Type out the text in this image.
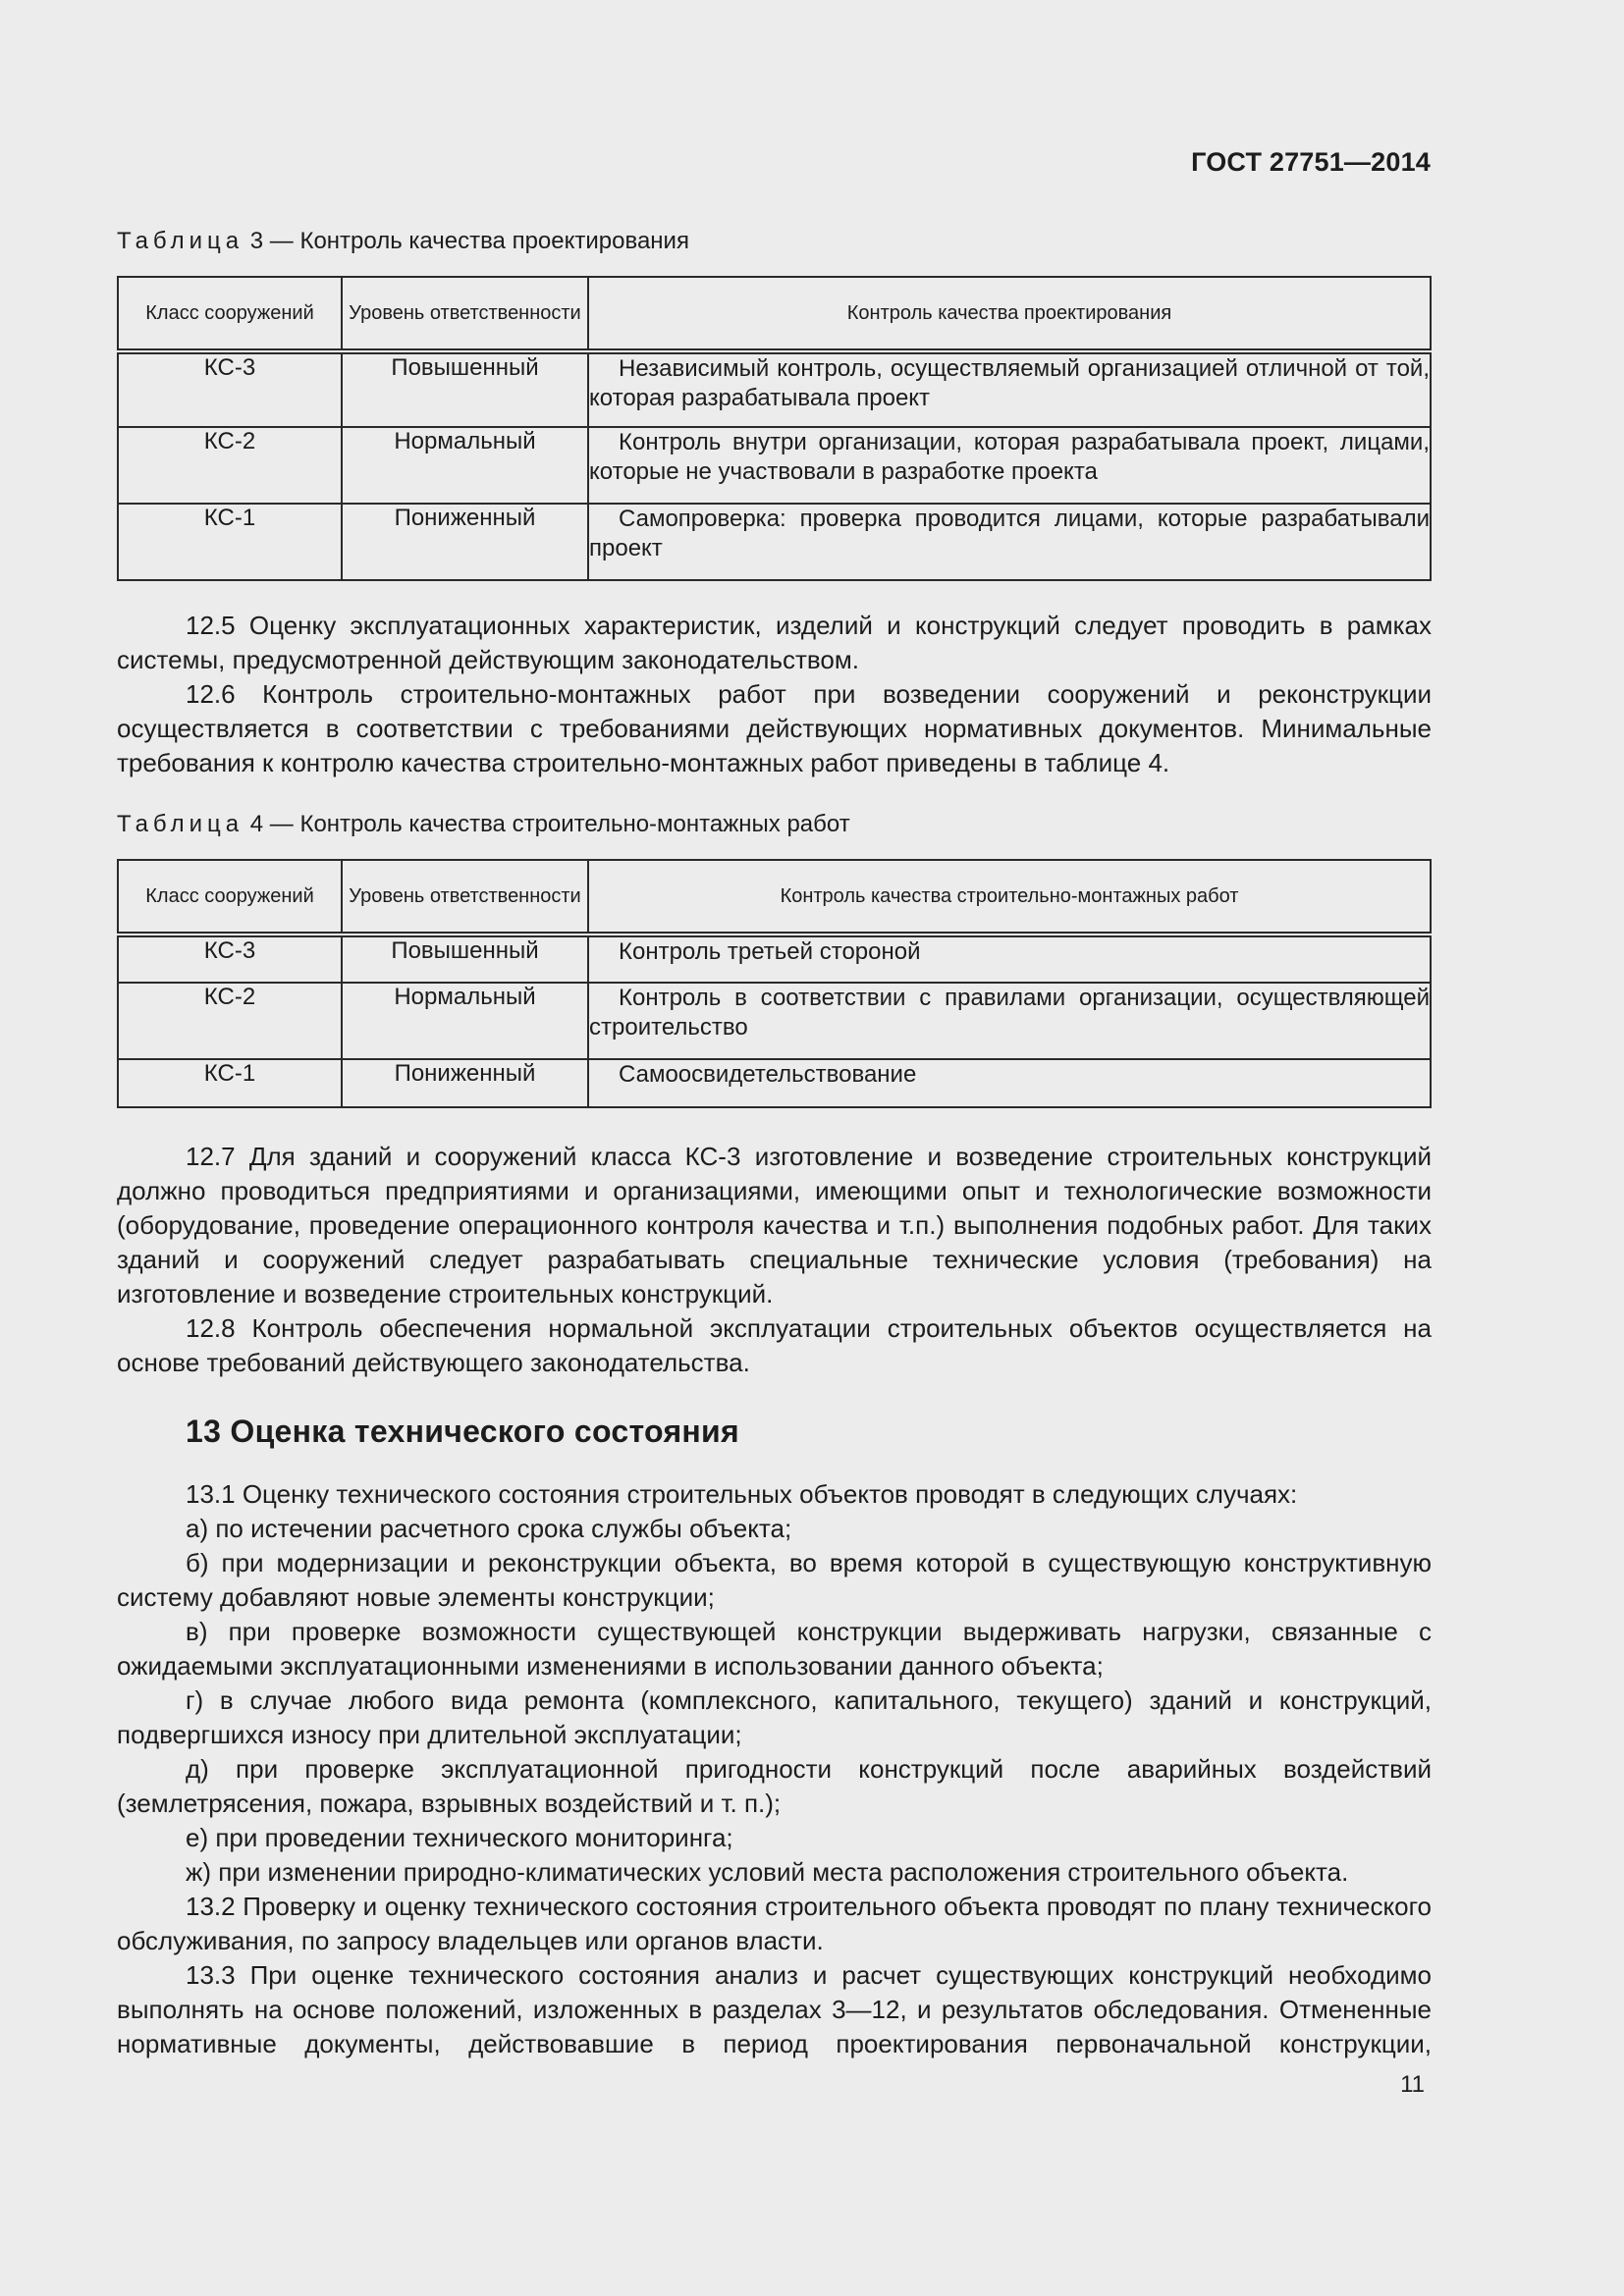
ГОСТ 27751—2014
Таблица 3 — Контроль качества проектирования
Класс сооружений	Уровень ответственности	Контроль качества проектирования
КС-3	Повышенный	Независимый контроль, осуществляемый организацией отличной от той, которая разрабатывала проект
КС-2	Нормальный	Контроль внутри организации, которая разрабатывала проект, лицами, которые не участвовали в разработке проекта
КС-1	Пониженный	Самопроверка: проверка проводится лицами, которые разрабатывали проект

12.5 Оценку эксплуатационных характеристик, изделий и конструкций следует проводить в рамках системы, предусмотренной действующим законодательством.

12.6 Контроль строительно-монтажных работ при возведении сооружений и реконструкции осуществляется в соответствии с требованиями действующих нормативных документов. Минимальные требования к контролю качества строительно-монтажных работ приведены в таблице 4.

Таблица 4 — Контроль качества строительно-монтажных работ
Класс сооружений	Уровень ответственности	Контроль качества строительно-монтажных работ
КС-3	Повышенный	Контроль третьей стороной
КС-2	Нормальный	Контроль в соответствии с правилами организации, осуществляющей строительство
КС-1	Пониженный	Самоосвидетельствование

12.7 Для зданий и сооружений класса КС-3 изготовление и возведение строительных конструкций должно проводиться предприятиями и организациями, имеющими опыт и технологические возможности (оборудование, проведение операционного контроля качества и т.п.) выполнения подобных работ. Для таких зданий и сооружений следует разрабатывать специальные технические условия (требования) на изготовление и возведение строительных конструкций.

12.8 Контроль обеспечения нормальной эксплуатации строительных объектов осуществляется на основе требований действующего законодательства.

13 Оценка технического состояния

13.1 Оценку технического состояния строительных объектов проводят в следующих случаях:

а) по истечении расчетного срока службы объекта;

б) при модернизации и реконструкции объекта, во время которой в существующую конструктивную систему добавляют новые элементы конструкции;

в) при проверке возможности существующей конструкции выдерживать нагрузки, связанные с ожидаемыми эксплуатационными изменениями в использовании данного объекта;

г) в случае любого вида ремонта (комплексного, капитального, текущего) зданий и конструкций, подвергшихся износу при длительной эксплуатации;

д) при проверке эксплуатационной пригодности конструкций после аварийных воздействий (землетрясения, пожара, взрывных воздействий и т. п.);

е) при проведении технического мониторинга;

ж) при изменении природно-климатических условий места расположения строительного объекта.

13.2 Проверку и оценку технического состояния строительного объекта проводят по плану технического обслуживания, по запросу владельцев или органов власти.

13.3 При оценке технического состояния анализ и расчет существующих конструкций необходимо выполнять на основе положений, изложенных в разделах 3—12, и результатов обследования. Отмененные нормативные документы, действовавшие в период проектирования первоначальной конструкции,

11
